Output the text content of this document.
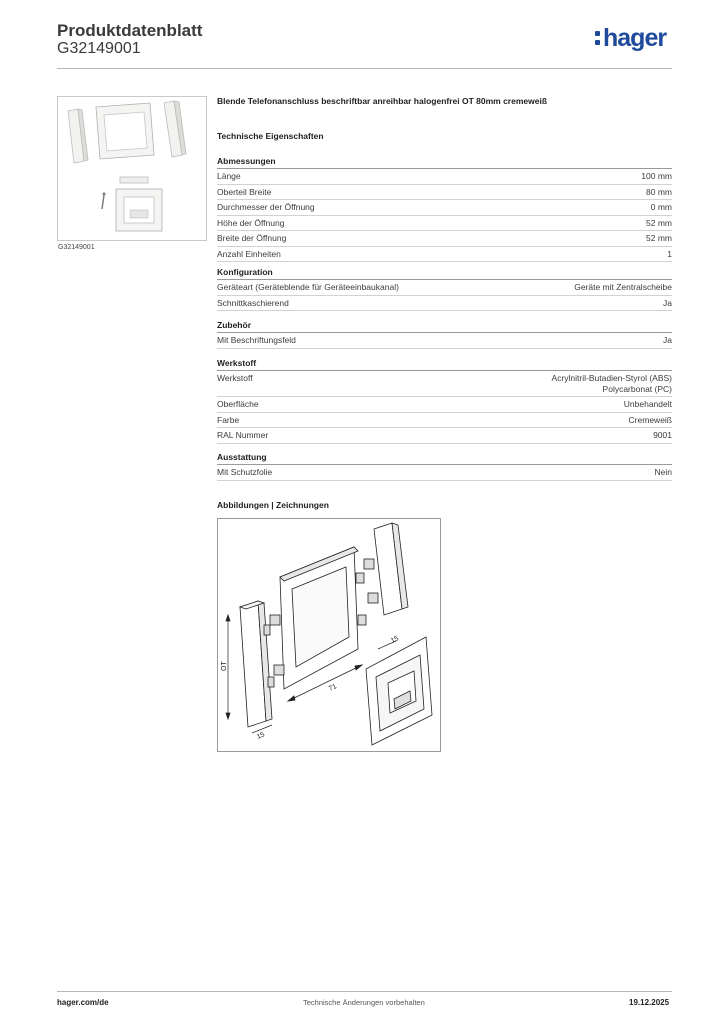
Produktdatenblatt
G32149001	hager
G32149001
Blende Telefonanschluss beschriftbar anreihbar halogenfrei OT 80mm cremeweiß
Technische Eigenschaften
Abmessungen
Länge	100 mm
Oberteil Breite	80 mm
Durchmesser der Öffnung	0 mm
Höhe der Öffnung	52 mm
Breite der Öffnung	52 mm
Anzahl Einheiten	1
Konfiguration
Geräteart (Geräteblende für Geräteeinbaukanal)	Geräte mit Zentralscheibe
Schnittkaschierend	Ja
Zubehör
Mit Beschriftungsfeld	Ja
Werkstoff
Werkstoff	Acrylnitril-Butadien-Styrol (ABS)
Polycarbonat (PC)
Oberfläche	Unbehandelt
Farbe	Cremeweiß
RAL Nummer	9001
Ausstattung
Mit Schutzfolie	Nein
Abbildungen | Zeichnungen
OT
15
71
15
hager.com/de	Technische Änderungen vorbehalten	19.12.2025
